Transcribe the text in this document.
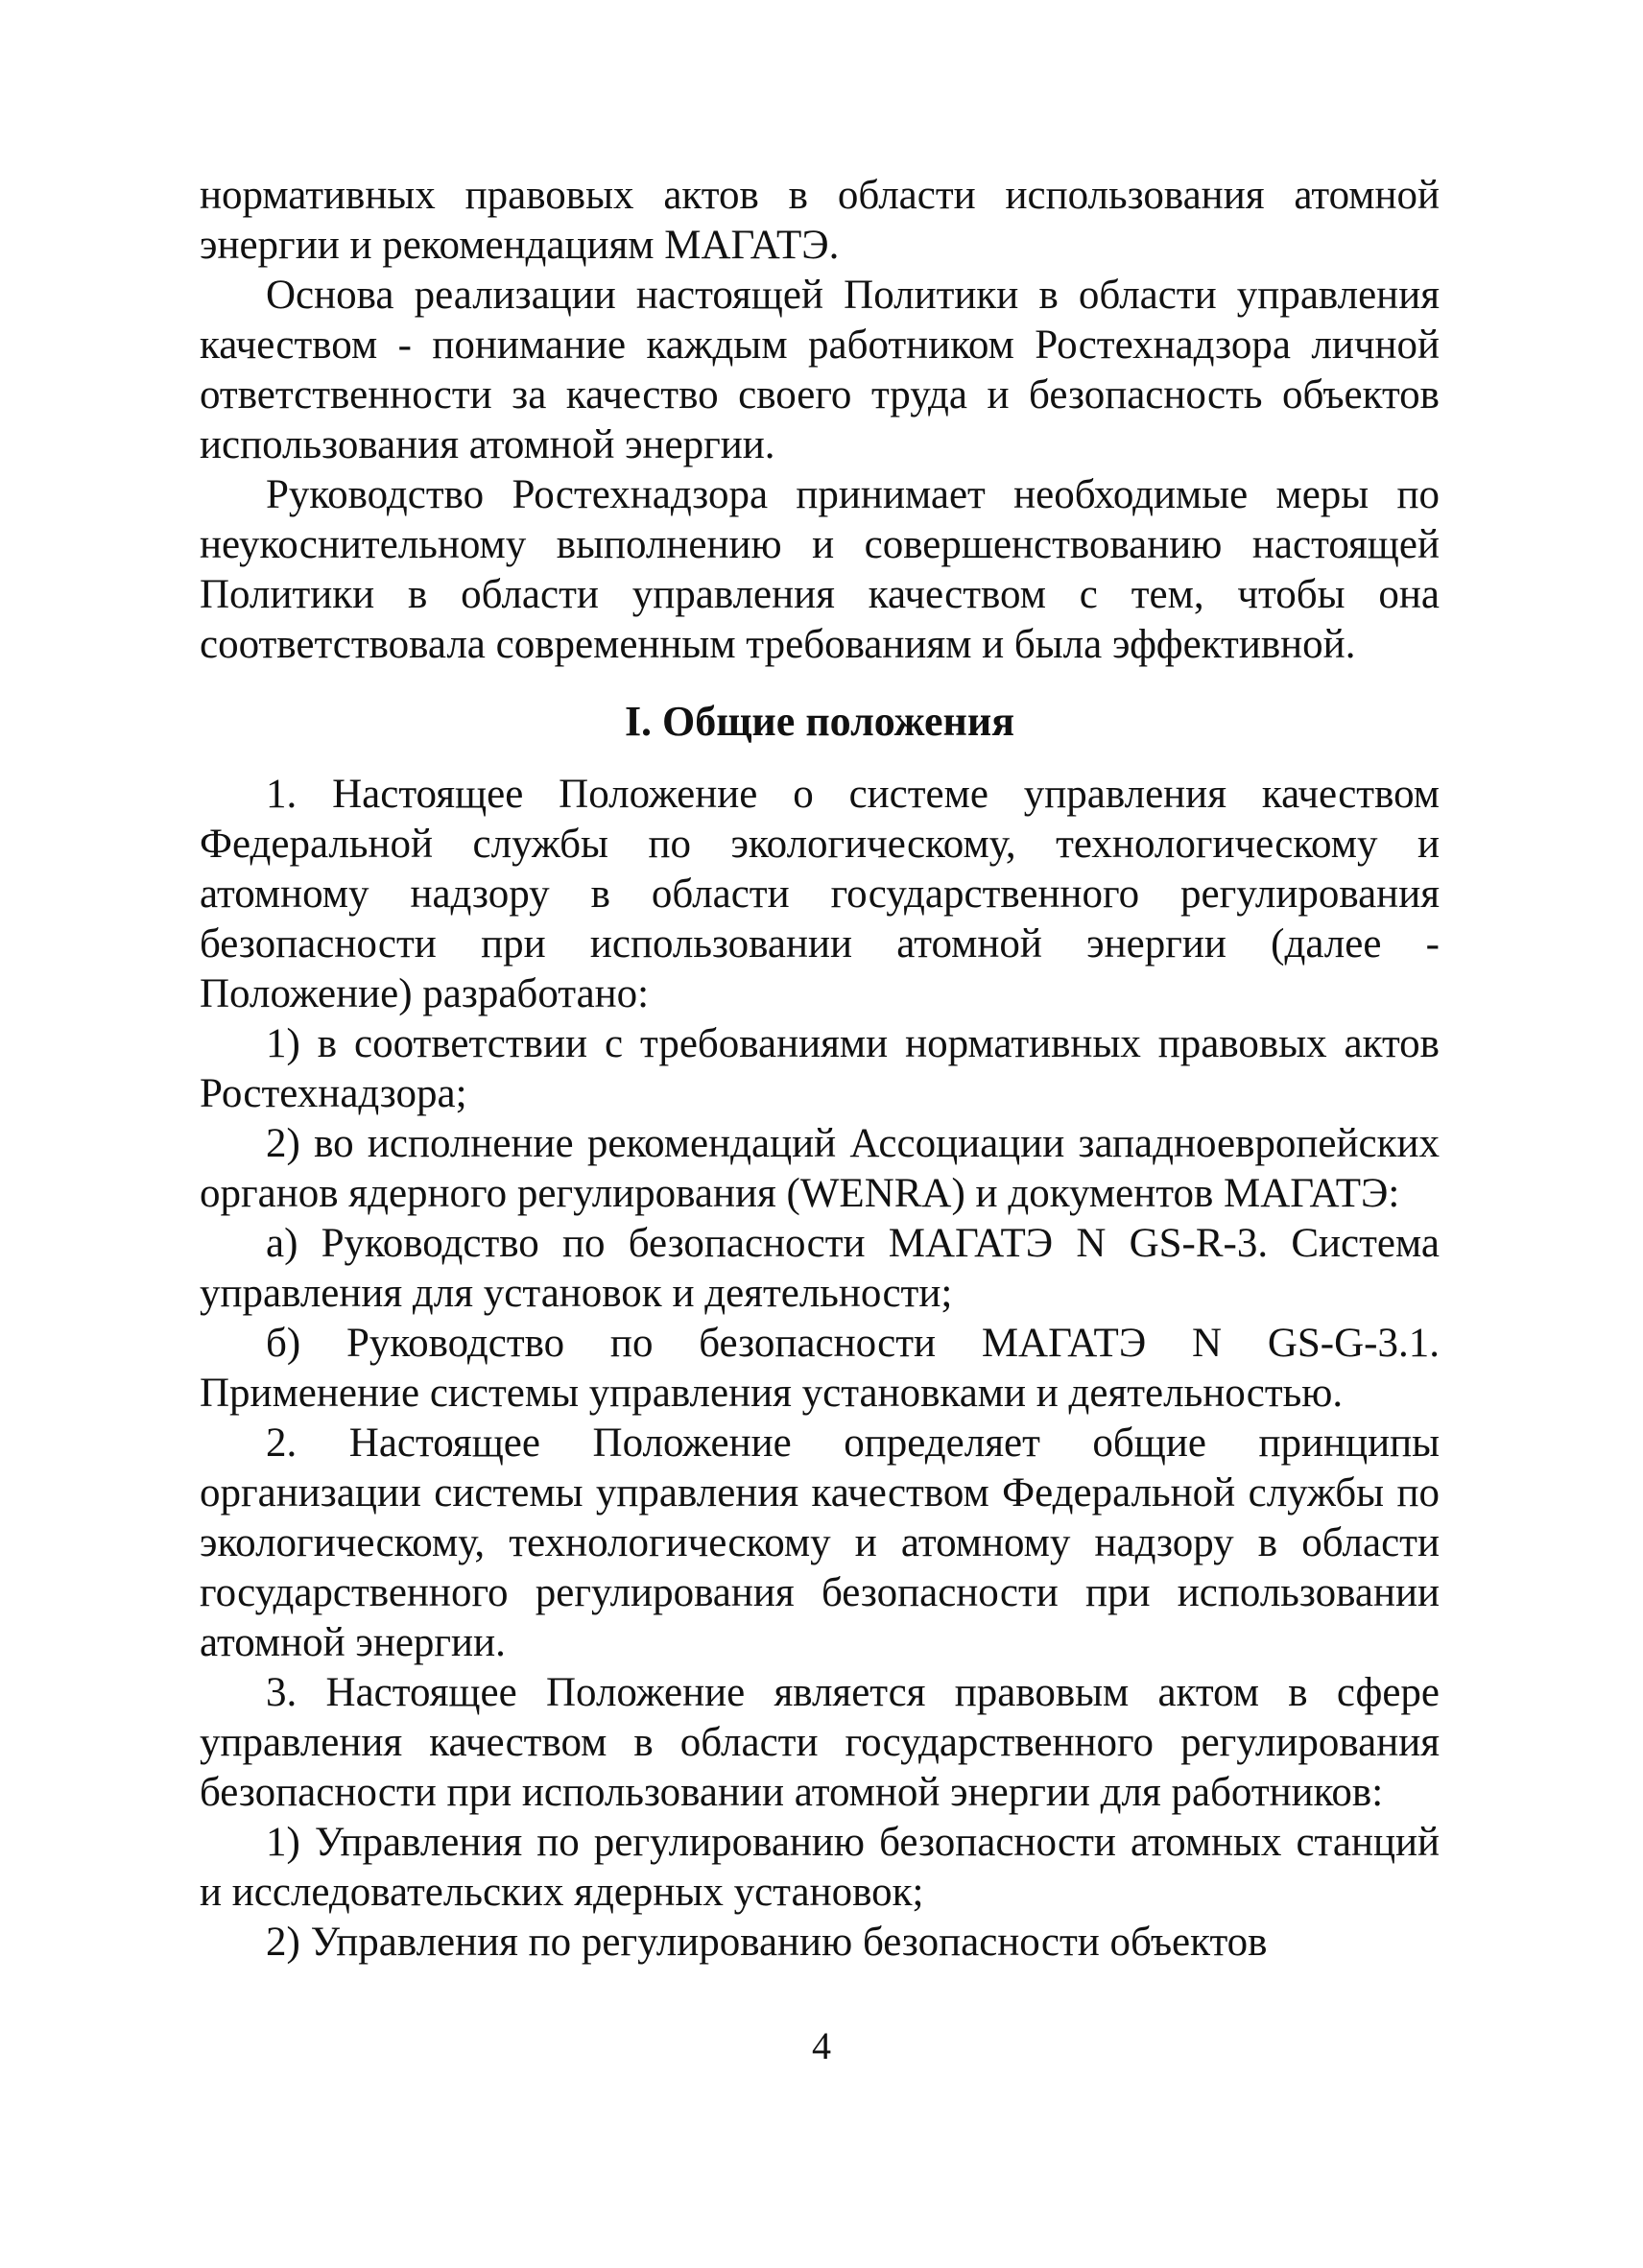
нормативных правовых актов в области использования атомной энергии и рекомендациям МАГАТЭ.

Основа реализации настоящей Политики в области управления качеством - понимание каждым работником Ростехнадзора личной ответственности за качество своего труда и безопасность объектов использования атомной энергии.

Руководство Ростехнадзора принимает необходимые меры по неукоснительному выполнению и совершенствованию настоящей Политики в области управления качеством с тем, чтобы она соответствовала современным требованиям и была эффективной.

I. Общие положения

1. Настоящее Положение о системе управления качеством Федеральной службы по экологическому, технологическому и атомному надзору в области государственного регулирования безопасности при использовании атомной энергии (далее - Положение) разработано:

1) в соответствии с требованиями нормативных правовых актов Ростехнадзора;

2) во исполнение рекомендаций Ассоциации западноевропейских органов ядерного регулирования (WENRA) и документов МАГАТЭ:

а) Руководство по безопасности МАГАТЭ N GS-R-3. Система управления для установок и деятельности;

б) Руководство по безопасности МАГАТЭ N GS-G-3.1. Применение системы управления установками и деятельностью.

2. Настоящее Положение определяет общие принципы организации системы управления качеством Федеральной службы по экологическому, технологическому и атомному надзору в области государственного регулирования безопасности при использовании атомной энергии.

3. Настоящее Положение является правовым актом в сфере управления качеством в области государственного регулирования безопасности при использовании атомной энергии для работников:

1) Управления по регулированию безопасности атомных станций и исследовательских ядерных установок;

2) Управления по регулированию безопасности объектов

4
